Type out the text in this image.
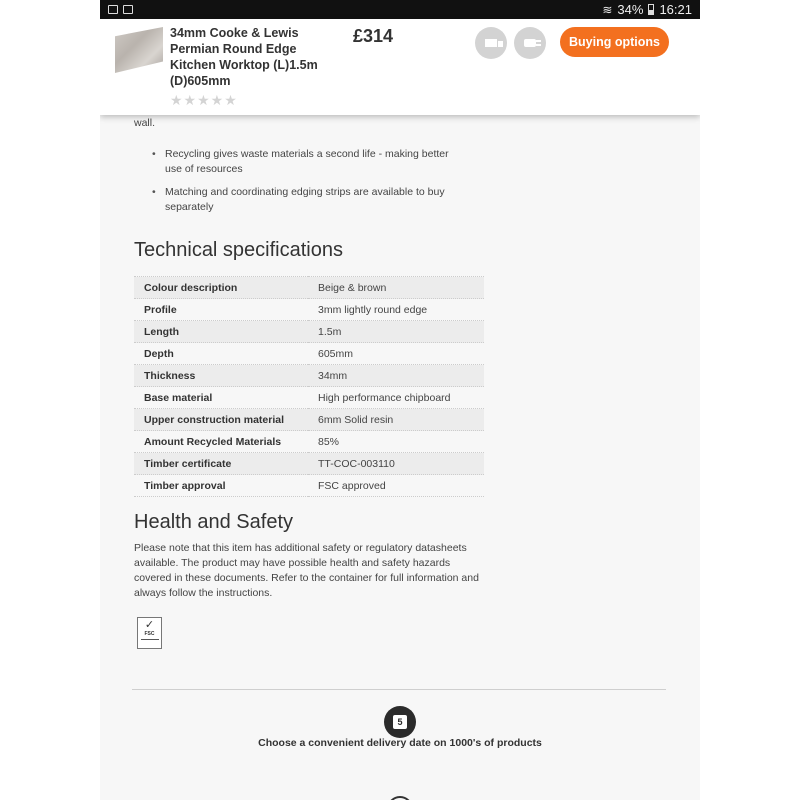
≋ 34% 16:21
34mm Cooke & Lewis Permian Round Edge Kitchen Worktop (L)1.5m (D)605mm
★★★★★
£314	Buying options
wall.
• Recycling gives waste materials a second life - making better use of resources
• Matching and coordinating edging strips are available to buy separately
Technical specifications
Colour description	Beige & brown
Profile	3mm lightly round edge
Length	1.5m
Depth	605mm
Thickness	34mm
Base material	High performance chipboard
Upper construction material	6mm Solid resin
Amount Recycled Materials	85%
Timber certificate	TT-COC-003110
Timber approval	FSC approved
Health and Safety
Please note that this item has additional safety or regulatory datasheets available. The product may have possible health and safety hazards covered in these documents. Refer to the container for full information and always follow the instructions.
✓
FSC
5
Choose a convenient delivery date on 1000's of products
